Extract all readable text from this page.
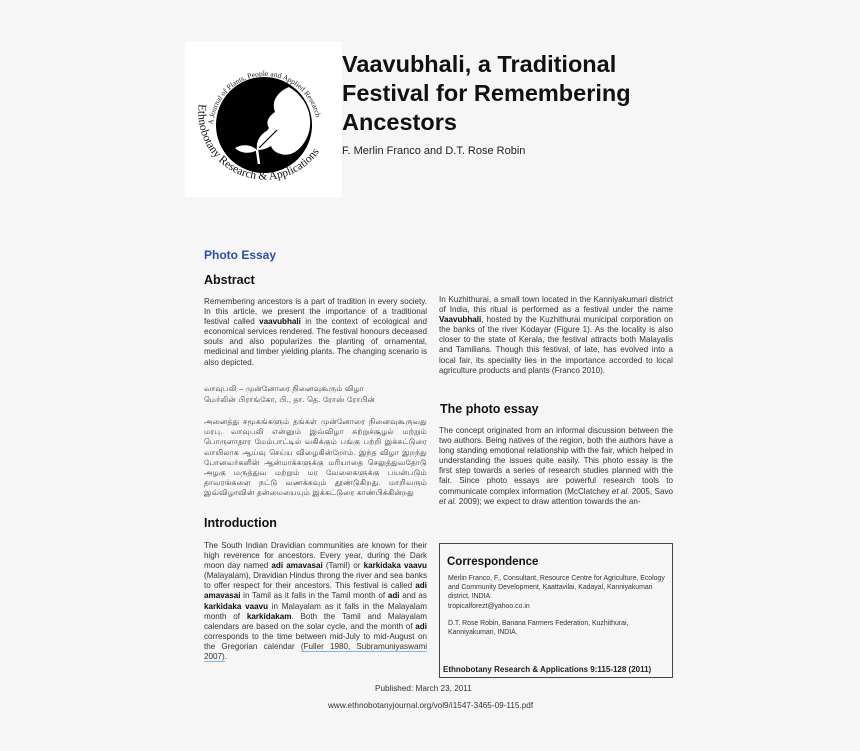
A Journal of Plants, People and Applied Research
Ethnobotany Research & Applications
Vaavubhali, a Traditional
Festival for Remembering
Ancestors
F. Merlin Franco and D.T. Rose Robin
Photo Essay
Abstract
Remembering ancestors is a part of tradition in every society. In this article, we present the importance of a traditional festival called vaavubhali in the context of ecological and economical services rendered. The festival honours deceased souls and also popularizes the planting of ornamental, medicinal and timber yielding plants. The changing scenario is also depicted.
வாவுபலி – முன்னோரை நினைவுகூரும் விழா
மெர்லின் பிராங்கோ, பி., தா. தெ. ரோஸ் ரோபின்
அனைத்து சமூகங்களும் தங்கள் முன்னோரை நினைவுகூருவது மரபு. வாவுபலி என்னும் இவ்விழா சுற்றுச்சூழல் மற்றும் பொருளாதார மேம்பாட்டில் வகிக்கும் பங்கு பற்றி இக்கட்டுரை வாயிலாக ஆய்வு செய்ய விழைகின்றோம். இந்த விழா இறந்து போனவர்களின் ஆன்மாக்களுக்கு மரியாதை செலுத்துவதோடு அழகு மருத்துவ மற்றும் மர வேலைகளுக்கு பயன்படும் தாவரங்களை நட்டு வணக்கவும் தூண்டுகிறது. மாறிவரும் இவ்விழாவின் தன்மையையும் இக்கட்டுரை காண்பிக்கின்றது
Introduction
The South Indian Dravidian communities are known for their high reverence for ancestors. Every year, during the Dark moon day named adi amavasai (Tamil) or karkidaka vaavu (Malayalam), Dravidian Hindus throng the river and sea banks to offer respect for their ancestors. This festival is called adi amavasai in Tamil as it falls in the Tamil month of adi and as karkidaka vaavu in Malayalam as it falls in the Malayalam month of karkidakam. Both the Tamil and Malayalam calendars are based on the solar cycle, and the month of adi corresponds to the time between mid-July to mid-August on the Gregorian calendar (Fuller 1980, Subramuniyaswami 2007).
In Kuzhithurai, a small town located in the Kanniyakumari district of India, this ritual is performed as a festival under the name Vaavubhali, hosted by the Kuzhithurai municipal corporation on the banks of the river Kodayar (Figure 1). As the locality is also closer to the state of Kerala, the festival attracts both Malayalis and Tamilians. Though this festival, of late, has evolved into a local fair, its speciality lies in the importance accorded to local agriculture products and plants (Franco 2010).
The photo essay
The concept originated from an informal discussion between the two authors. Being natives of the region, both the authors have a long standing emotional relationship with the fair, which helped in understanding the issues quite easily. This photo essay is the first step towards a series of research studies planned with the fair. Since photo essays are powerful research tools to communicate complex information (McClatchey et al. 2005, Savo et al. 2009); we expect to draw attention towards the an-
Correspondence
Merlin Franco, F., Consultant, Resource Centre for Agriculture, Ecology and Community Development, Kaattavilai, Kadayal, Kanniyakumari district, INDIA.
tropicalforezt@yahoo.co.in
D.T. Rose Robin, Banana Farmers Federation, Kuzhithurai, Kanniyakumari, INDIA.
Ethnobotany Research & Applications 9:115-128 (2011)
Published: March 23, 2011
www.ethnobotanyjournal.org/vol9/i1547-3465-09-115.pdf
